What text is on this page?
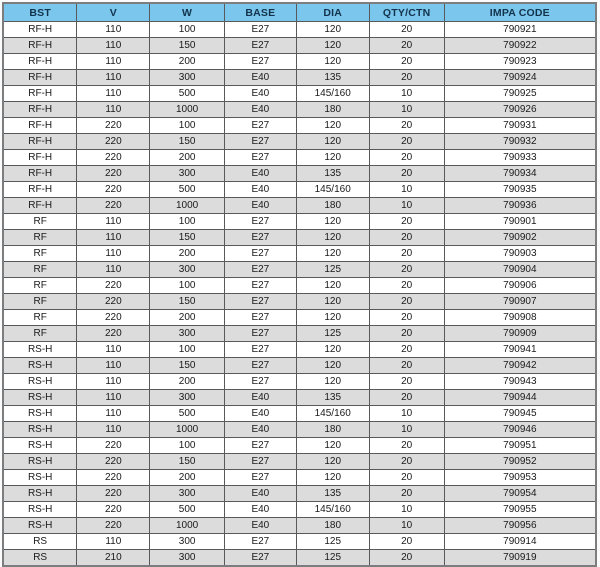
BST	V	W	BASE	DIA	QTY/CTN	IMPA CODE
RF-H	110	100	E27	120	20	790921
RF-H	110	150	E27	120	20	790922
RF-H	110	200	E27	120	20	790923
RF-H	110	300	E40	135	20	790924
RF-H	110	500	E40	145/160	10	790925
RF-H	110	1000	E40	180	10	790926
RF-H	220	100	E27	120	20	790931
RF-H	220	150	E27	120	20	790932
RF-H	220	200	E27	120	20	790933
RF-H	220	300	E40	135	20	790934
RF-H	220	500	E40	145/160	10	790935
RF-H	220	1000	E40	180	10	790936
RF	110	100	E27	120	20	790901
RF	110	150	E27	120	20	790902
RF	110	200	E27	120	20	790903
RF	110	300	E27	125	20	790904
RF	220	100	E27	120	20	790906
RF	220	150	E27	120	20	790907
RF	220	200	E27	120	20	790908
RF	220	300	E27	125	20	790909
RS-H	110	100	E27	120	20	790941
RS-H	110	150	E27	120	20	790942
RS-H	110	200	E27	120	20	790943
RS-H	110	300	E40	135	20	790944
RS-H	110	500	E40	145/160	10	790945
RS-H	110	1000	E40	180	10	790946
RS-H	220	100	E27	120	20	790951
RS-H	220	150	E27	120	20	790952
RS-H	220	200	E27	120	20	790953
RS-H	220	300	E40	135	20	790954
RS-H	220	500	E40	145/160	10	790955
RS-H	220	1000	E40	180	10	790956
RS	110	300	E27	125	20	790914
RS	210	300	E27	125	20	790919
